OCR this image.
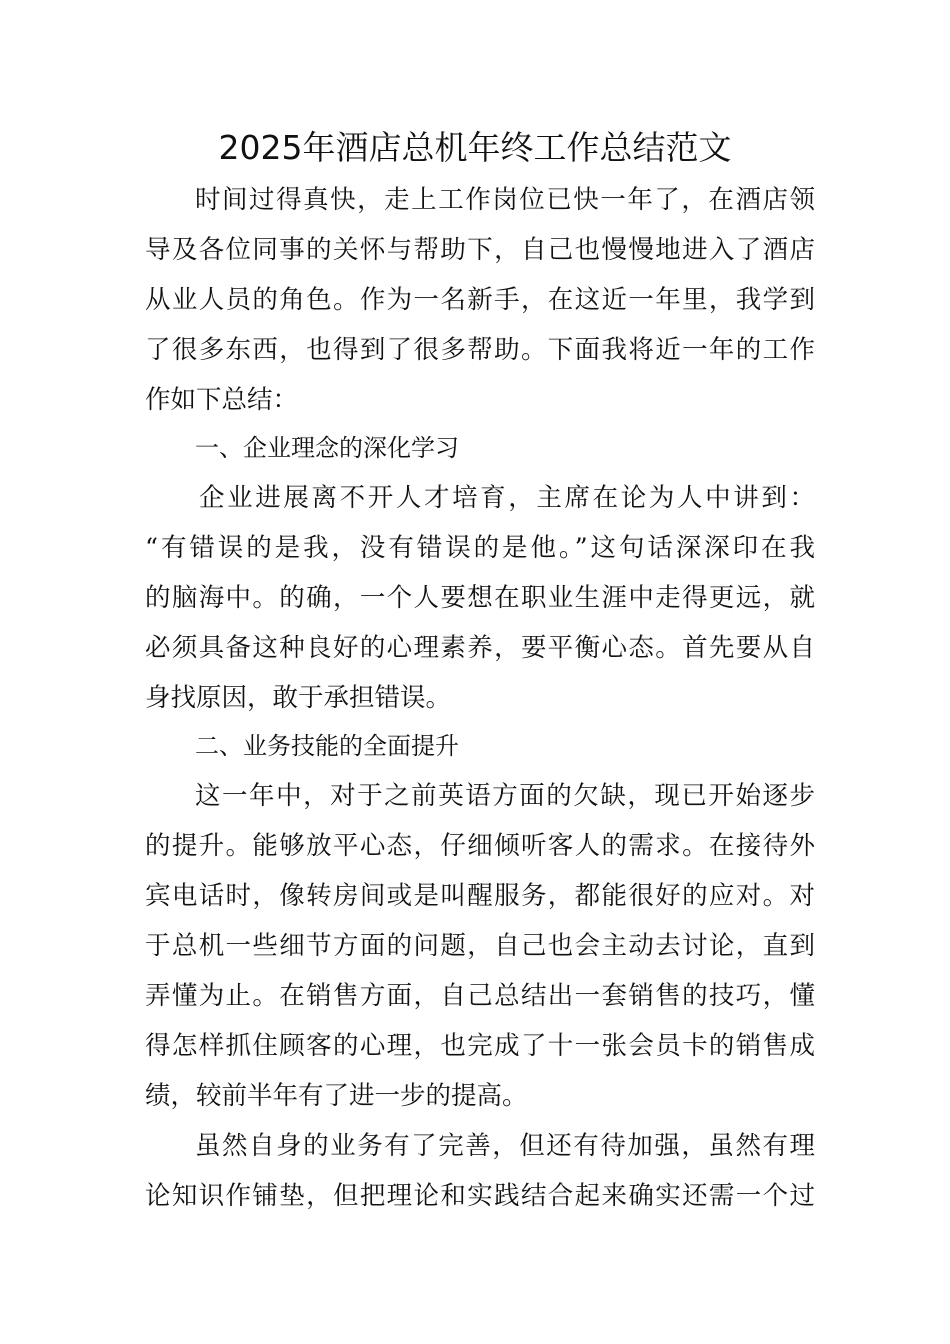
2025年酒店总机年终工作总结范文
时间过得真快，走上工作岗位已快一年了，在酒店领
导及各位同事的关怀与帮助下，自己也慢慢地进入了酒店
从业人员的角色。作为一名新手，在这近一年里，我学到
了很多东西，也得到了很多帮助。下面我将近一年的工作
作如下总结：
一、企业理念的深化学习
企业进展离不开人才培育，主席在论为人中讲到：
“有错误的是我，没有错误的是他。”这句话深深印在我
的脑海中。的确，一个人要想在职业生涯中走得更远，就
必须具备这种良好的心理素养，要平衡心态。首先要从自
身找原因，敢于承担错误。
二、业务技能的全面提升
这一年中，对于之前英语方面的欠缺，现已开始逐步
的提升。能够放平心态，仔细倾听客人的需求。在接待外
宾电话时，像转房间或是叫醒服务，都能很好的应对。对
于总机一些细节方面的问题，自己也会主动去讨论，直到
弄懂为止。在销售方面，自己总结出一套销售的技巧，懂
得怎样抓住顾客的心理，也完成了十一张会员卡的销售成
绩，较前半年有了进一步的提高。
虽然自身的业务有了完善，但还有待加强，虽然有理
论知识作铺垫，但把理论和实践结合起来确实还需一个过
